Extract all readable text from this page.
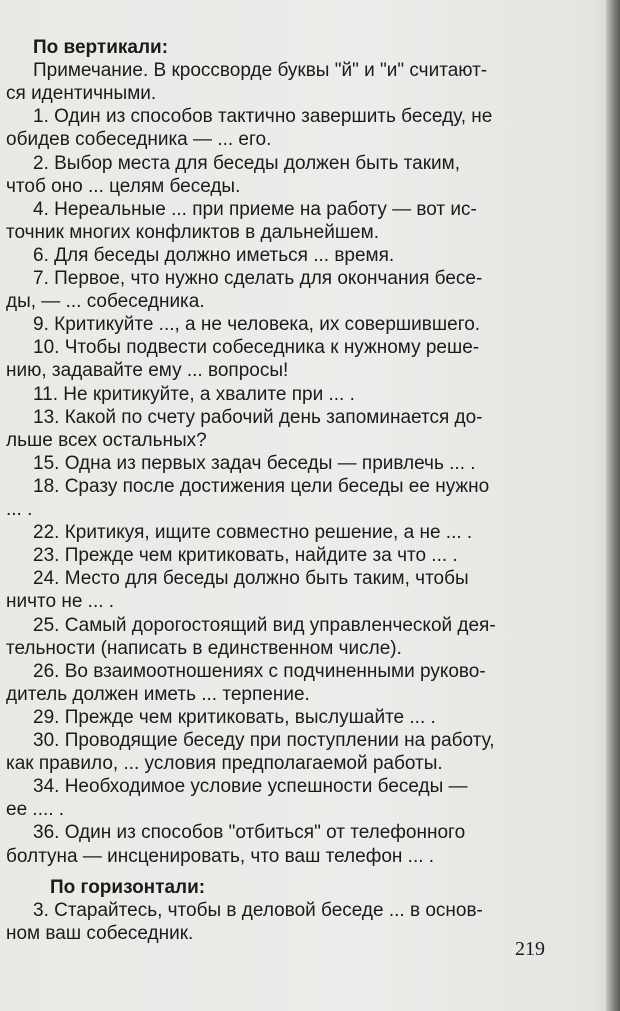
По вертикали:
Примечание. В кроссворде буквы "й" и "и" считают-
ся идентичными.
1. Один из способов тактично завершить беседу, не
обидев собеседника — ... его.
2. Выбор места для беседы должен быть таким,
чтоб оно ... целям беседы.
4. Нереальные ... при приеме на работу — вот ис-
точник многих конфликтов в дальнейшем.
6. Для беседы должно иметься ... время.
7. Первое, что нужно сделать для окончания бесе-
ды, — ... собеседника.
9. Критикуйте ..., а не человека, их совершившего.
10. Чтобы подвести собеседника к нужному реше-
нию, задавайте ему ... вопросы!
11. Не критикуйте, а хвалите при ... .
13. Какой по счету рабочий день запоминается до-
льше всех остальных?
15. Одна из первых задач беседы — привлечь ... .
18. Сразу после достижения цели беседы ее нужно
... .
22. Критикуя, ищите совместно решение, а не ... .
23. Прежде чем критиковать, найдите за что ... .
24. Место для беседы должно быть таким, чтобы
ничто не ... .
25. Самый дорогостоящий вид управленческой дея-
тельности (написать в единственном числе).
26. Во взаимоотношениях с подчиненными руково-
дитель должен иметь ... терпение.
29. Прежде чем критиковать, выслушайте ... .
30. Проводящие беседу при поступлении на работу,
как правило, ... условия предполагаемой работы.
34. Необходимое условие успешности беседы —
ее .... .
36. Один из способов "отбиться" от телефонного
болтуна — инсценировать, что ваш телефон ... .
По горизонтали:
3. Старайтесь, чтобы в деловой беседе ... в основ-
ном ваш собеседник.
219
